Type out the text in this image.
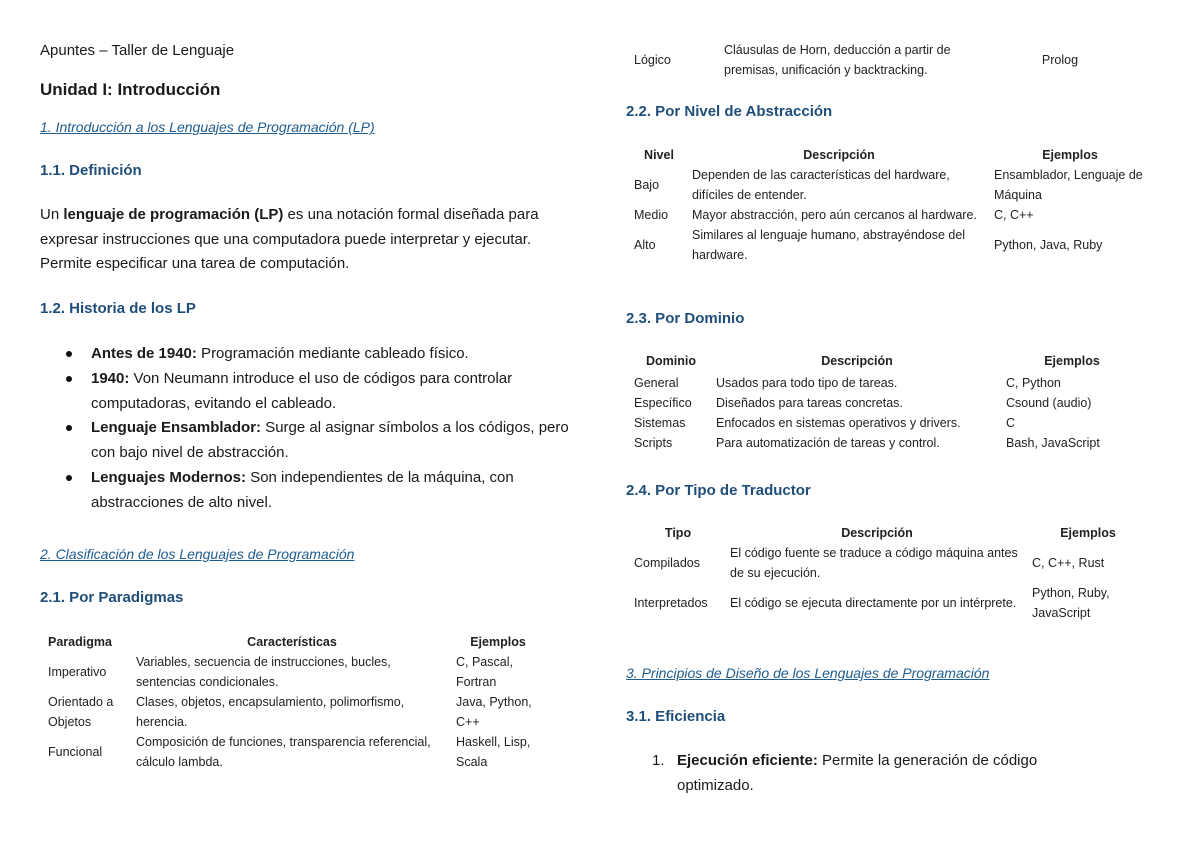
Apuntes – Taller de Lenguaje
Unidad I: Introducción
1. Introducción a los Lenguajes de Programación (LP)
1.1. Definición
Un lenguaje de programación (LP) es una notación formal diseñada para expresar instrucciones que una computadora puede interpretar y ejecutar. Permite especificar una tarea de computación.
1.2. Historia de los LP
Antes de 1940: Programación mediante cableado físico.
1940: Von Neumann introduce el uso de códigos para controlar computadoras, evitando el cableado.
Lenguaje Ensamblador: Surge al asignar símbolos a los códigos, pero con bajo nivel de abstracción.
Lenguajes Modernos: Son independientes de la máquina, con abstracciones de alto nivel.
2. Clasificación de los Lenguajes de Programación
2.1. Por Paradigmas
Paradigma	Características	Ejemplos
Imperativo	Variables, secuencia de instrucciones, bucles, sentencias condicionales.	C, Pascal, Fortran
Orientado a Objetos	Clases, objetos, encapsulamiento, polimorfismo, herencia.	Java, Python, C++
Funcional	Composición de funciones, transparencia referencial, cálculo lambda.	Haskell, Lisp, Scala
Lógico	Cláusulas de Horn, deducción a partir de premisas, unificación y backtracking.	Prolog
2.2. Por Nivel de Abstracción
Nivel	Descripción	Ejemplos
Bajo	Dependen de las características del hardware, difíciles de entender.	Ensamblador, Lenguaje de Máquina
Medio	Mayor abstracción, pero aún cercanos al hardware.	C, C++
Alto	Similares al lenguaje humano, abstrayéndose del hardware.	Python, Java, Ruby
2.3. Por Dominio
Dominio	Descripción	Ejemplos
General	Usados para todo tipo de tareas.	C, Python
Específico	Diseñados para tareas concretas.	Csound (audio)
Sistemas	Enfocados en sistemas operativos y drivers.	C
Scripts	Para automatización de tareas y control.	Bash, JavaScript
2.4. Por Tipo de Traductor
Tipo	Descripción	Ejemplos
Compilados	El código fuente se traduce a código máquina antes de su ejecución.	C, C++, Rust
Interpretados	El código se ejecuta directamente por un intérprete.	Python, Ruby, JavaScript
3. Principios de Diseño de los Lenguajes de Programación
3.1. Eficiencia
1. Ejecución eficiente: Permite la generación de código optimizado.
